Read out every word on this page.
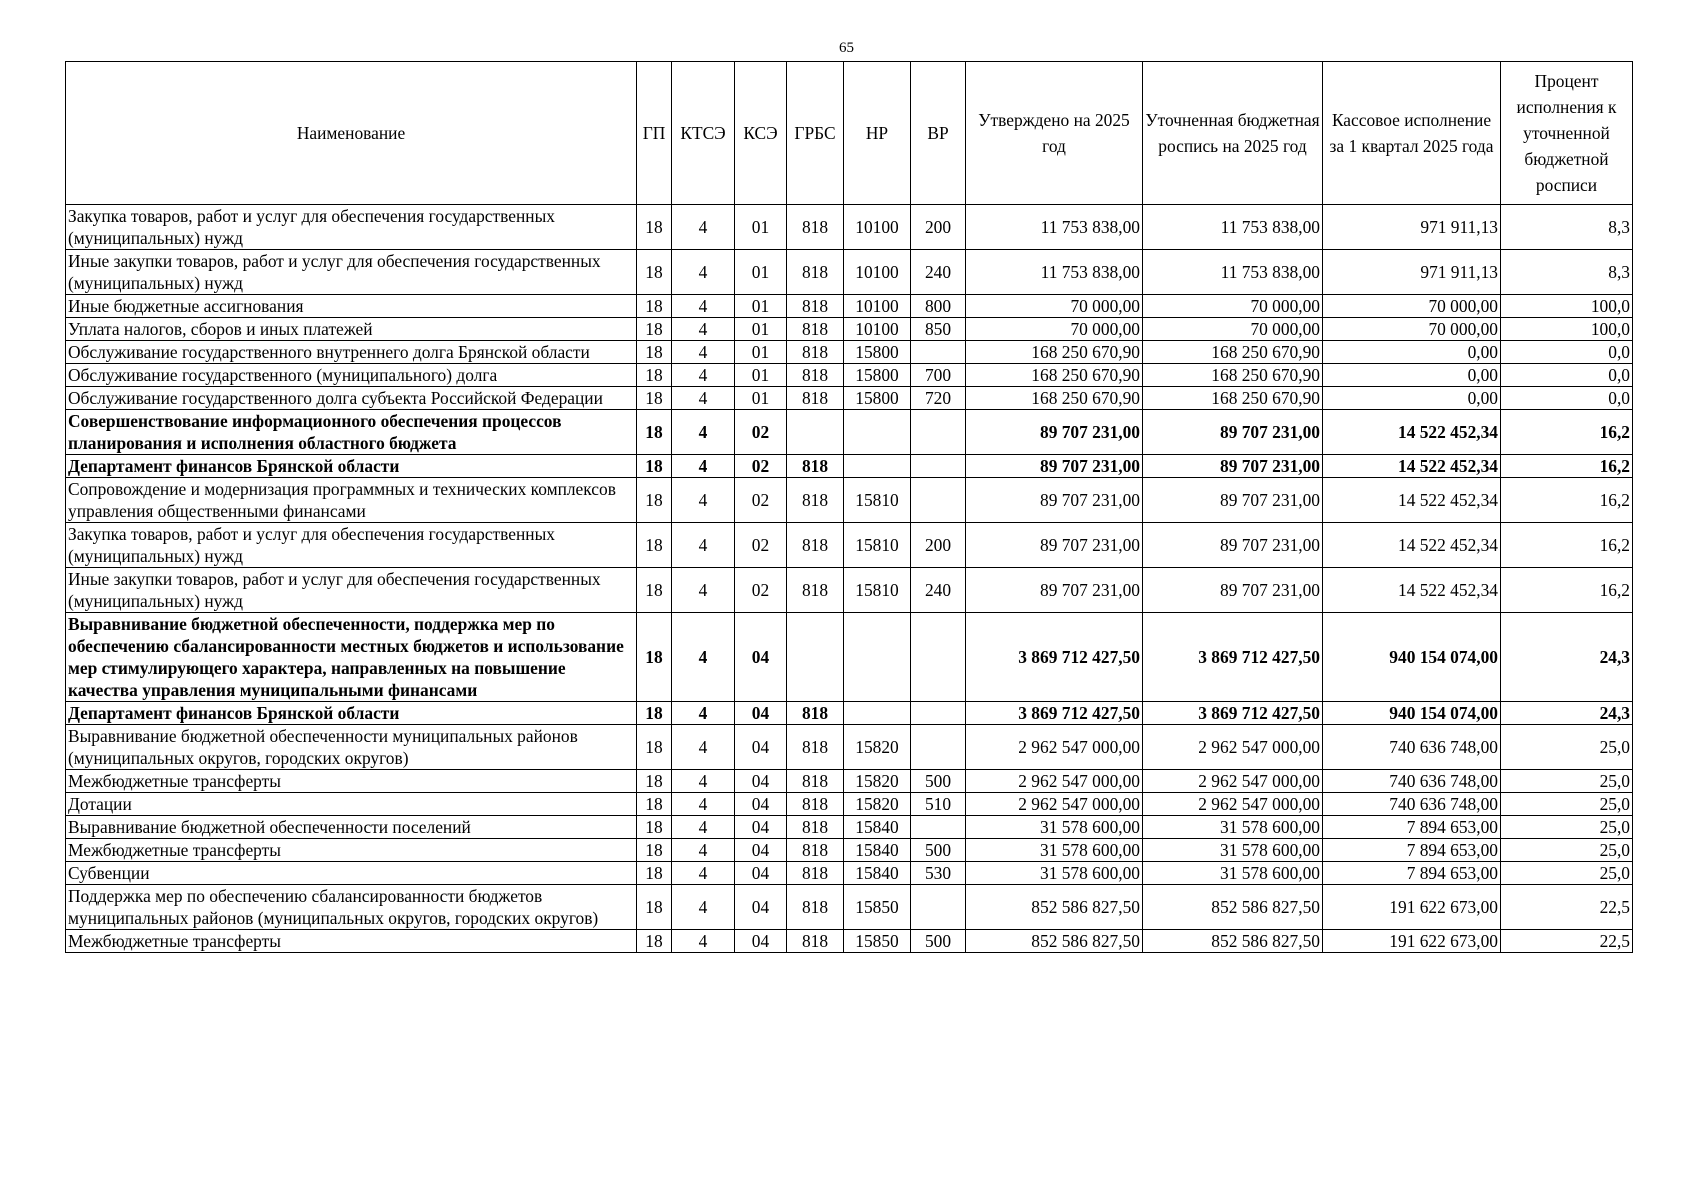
65
Наименование	ГП	КТСЭ	КСЭ	ГРБС	НР	ВР	Утверждено на 2025 год	Уточненная бюджетная роспись на 2025 год	Кассовое исполнение за 1 квартал 2025 года	Процент исполнения к уточненной бюджетной росписи
Закупка товаров, работ и услуг для обеспечения государственных (муниципальных) нужд	18	4	01	818	10100	200	11 753 838,00	11 753 838,00	971 911,13	8,3
Иные закупки товаров, работ и услуг для обеспечения государственных (муниципальных) нужд	18	4	01	818	10100	240	11 753 838,00	11 753 838,00	971 911,13	8,3
Иные бюджетные ассигнования	18	4	01	818	10100	800	70 000,00	70 000,00	70 000,00	100,0
Уплата налогов, сборов и иных платежей	18	4	01	818	10100	850	70 000,00	70 000,00	70 000,00	100,0
Обслуживание государственного внутреннего долга Брянской области	18	4	01	818	15800		168 250 670,90	168 250 670,90	0,00	0,0
Обслуживание государственного (муниципального) долга	18	4	01	818	15800	700	168 250 670,90	168 250 670,90	0,00	0,0
Обслуживание государственного долга субъекта Российской Федерации	18	4	01	818	15800	720	168 250 670,90	168 250 670,90	0,00	0,0
Совершенствование информационного обеспечения процессов планирования и исполнения областного бюджета	18	4	02				89 707 231,00	89 707 231,00	14 522 452,34	16,2
Департамент финансов Брянской области	18	4	02	818			89 707 231,00	89 707 231,00	14 522 452,34	16,2
Сопровождение и модернизация программных и технических комплексов управления общественными финансами	18	4	02	818	15810		89 707 231,00	89 707 231,00	14 522 452,34	16,2
Закупка товаров, работ и услуг для обеспечения государственных (муниципальных) нужд	18	4	02	818	15810	200	89 707 231,00	89 707 231,00	14 522 452,34	16,2
Иные закупки товаров, работ и услуг для обеспечения государственных (муниципальных) нужд	18	4	02	818	15810	240	89 707 231,00	89 707 231,00	14 522 452,34	16,2
Выравнивание бюджетной обеспеченности, поддержка мер по обеспечению сбалансированности местных бюджетов и использование мер стимулирующего характера, направленных на повышение качества управления муниципальными финансами	18	4	04				3 869 712 427,50	3 869 712 427,50	940 154 074,00	24,3
Департамент финансов Брянской области	18	4	04	818			3 869 712 427,50	3 869 712 427,50	940 154 074,00	24,3
Выравнивание бюджетной обеспеченности муниципальных районов (муниципальных округов, городских округов)	18	4	04	818	15820		2 962 547 000,00	2 962 547 000,00	740 636 748,00	25,0
Межбюджетные трансферты	18	4	04	818	15820	500	2 962 547 000,00	2 962 547 000,00	740 636 748,00	25,0
Дотации	18	4	04	818	15820	510	2 962 547 000,00	2 962 547 000,00	740 636 748,00	25,0
Выравнивание бюджетной обеспеченности поселений	18	4	04	818	15840		31 578 600,00	31 578 600,00	7 894 653,00	25,0
Межбюджетные трансферты	18	4	04	818	15840	500	31 578 600,00	31 578 600,00	7 894 653,00	25,0
Субвенции	18	4	04	818	15840	530	31 578 600,00	31 578 600,00	7 894 653,00	25,0
Поддержка мер по обеспечению сбалансированности бюджетов муниципальных районов (муниципальных округов, городских округов)	18	4	04	818	15850		852 586 827,50	852 586 827,50	191 622 673,00	22,5
Межбюджетные трансферты	18	4	04	818	15850	500	852 586 827,50	852 586 827,50	191 622 673,00	22,5
